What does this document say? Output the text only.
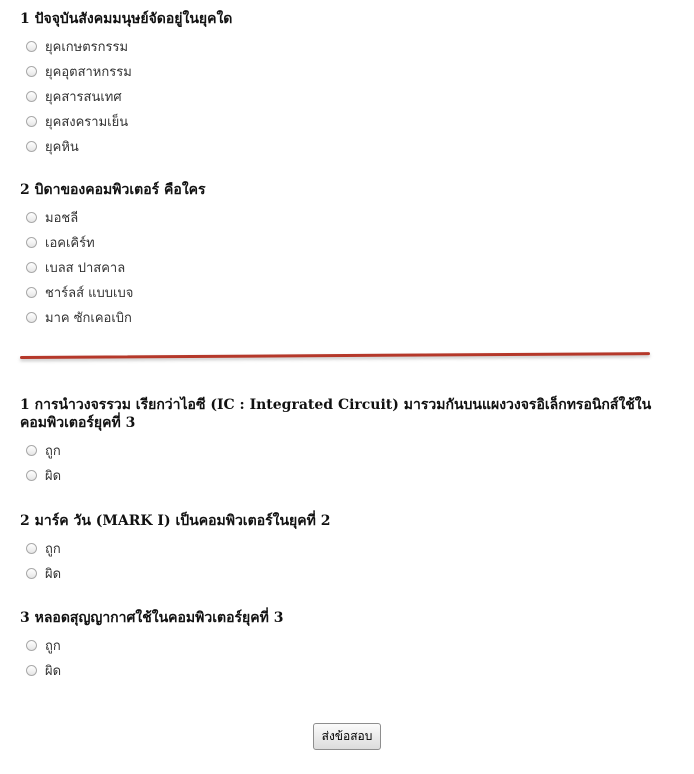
1 ปัจจุบันสังคมมนุษย์จัดอยู่ในยุคใด
ยุคเกษตรกรรม
ยุคอุตสาหกรรม
ยุคสารสนเทศ
ยุคสงครามเย็น
ยุคหิน
2 บิดาของคอมพิวเตอร์ คือใคร
มอชลี
เอคเคิร์ท
เบลส ปาสคาล
ชาร์ลส์ แบบเบจ
มาค ซักเคอเบิก
1 การนำวงจรรวม เรียกว่าไอซี (IC : Integrated Circuit) มารวมกันบนแผงวงจรอิเล็กทรอนิกส์ใช้ในคอมพิวเตอร์ยุคที่ 3
ถูก
ผิด
2 มาร์ค วัน (MARK I) เป็นคอมพิวเตอร์ในยุคที่ 2
ถูก
ผิด
3 หลอดสุญญากาศใช้ในคอมพิวเตอร์ยุคที่ 3
ถูก
ผิด
ส่งข้อสอบ
